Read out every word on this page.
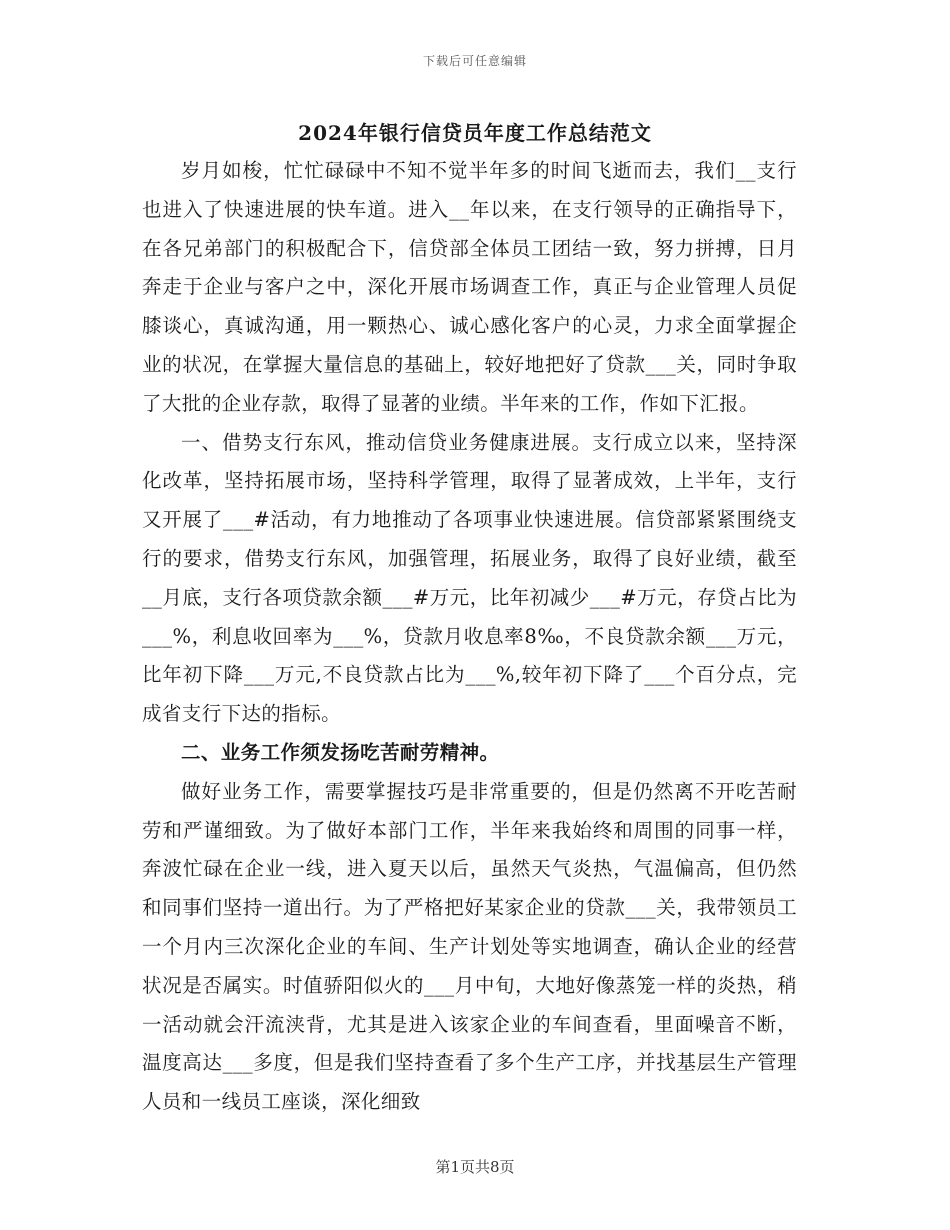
下载后可任意编辑
2024年银行信贷员年度工作总结范文

岁月如梭，忙忙碌碌中不知不觉半年多的时间飞逝而去，我们__支行也进入了快速进展的快车道。进入__年以来，在支行领导的正确指导下，在各兄弟部门的积极配合下，信贷部全体员工团结一致，努力拼搏，日月奔走于企业与客户之中，深化开展市场调查工作，真正与企业管理人员促膝谈心，真诚沟通，用一颗热心、诚心感化客户的心灵，力求全面掌握企业的状况，在掌握大量信息的基础上，较好地把好了贷款___关，同时争取了大批的企业存款，取得了显著的业绩。半年来的工作，作如下汇报。

一、借势支行东风，推动信贷业务健康进展。支行成立以来，坚持深化改革，坚持拓展市场，坚持科学管理，取得了显著成效，上半年，支行又开展了___#活动，有力地推动了各项事业快速进展。信贷部紧紧围绕支行的要求，借势支行东风，加强管理，拓展业务，取得了良好业绩，截至__月底，支行各项贷款余额___#万元，比年初减少___#万元，存贷占比为___%，利息收回率为___%，贷款月收息率8‰，不良贷款余额___万元，比年初下降___万元,不良贷款占比为___%,较年初下降了___个百分点，完成省支行下达的指标。

二、业务工作须发扬吃苦耐劳精神。

做好业务工作，需要掌握技巧是非常重要的，但是仍然离不开吃苦耐劳和严谨细致。为了做好本部门工作，半年来我始终和周围的同事一样，奔波忙碌在企业一线，进入夏天以后，虽然天气炎热，气温偏高，但仍然和同事们坚持一道出行。为了严格把好某家企业的贷款___关，我带领员工一个月内三次深化企业的车间、生产计划处等实地调查，确认企业的经营状况是否属实。时值骄阳似火的___月中旬，大地好像蒸笼一样的炎热，稍一活动就会汗流浃背，尤其是进入该家企业的车间查看，里面噪音不断，温度高达___多度，但是我们坚持查看了多个生产工序，并找基层生产管理人员和一线员工座谈，深化细致

第1页共8页
